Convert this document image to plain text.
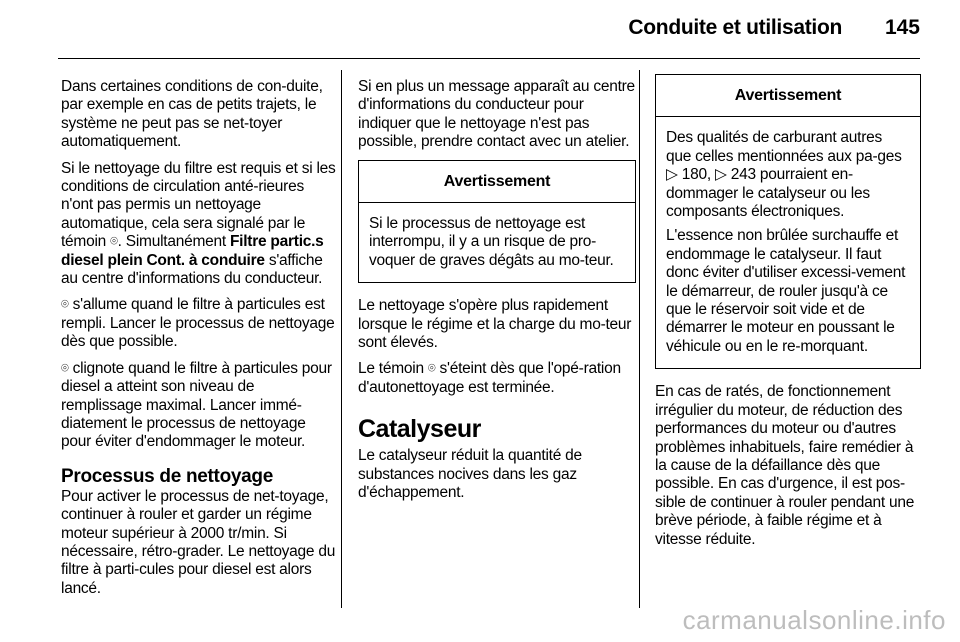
Conduite et utilisation	145

Dans certaines conditions de con-duite, par exemple en cas de petits trajets, le système ne peut pas se net-toyer automatiquement.

Si le nettoyage du filtre est requis et si les conditions de circulation anté-rieures n'ont pas permis un nettoyage automatique, cela sera signalé par le témoin ⌾. Simultanément Filtre partic.s diesel plein Cont. à conduire s'affiche au centre d'informations du conducteur.

⌾ s'allume quand le filtre à particules est rempli. Lancer le processus de nettoyage dès que possible.

⌾ clignote quand le filtre à particules pour diesel a atteint son niveau de remplissage maximal. Lancer immé-diatement le processus de nettoyage pour éviter d'endommager le moteur.

Processus de nettoyage

Pour activer le processus de net-toyage, continuer à rouler et garder un régime moteur supérieur à 2000 tr/min. Si nécessaire, rétro-grader. Le nettoyage du filtre à parti-cules pour diesel est alors lancé.

Si en plus un message apparaît au centre d'informations du conducteur pour indiquer que le nettoyage n'est pas possible, prendre contact avec un atelier.

Avertissement

Si le processus de nettoyage est interrompu, il y a un risque de pro-voquer de graves dégâts au mo-teur.

Le nettoyage s'opère plus rapidement lorsque le régime et la charge du mo-teur sont élevés.

Le témoin ⌾ s'éteint dès que l'opé-ration d'autonettoyage est terminée.

Catalyseur

Le catalyseur réduit la quantité de substances nocives dans les gaz d'échappement.

Avertissement

Des qualités de carburant autres que celles mentionnées aux pa-ges ▷ 180, ▷ 243 pourraient en-dommager le catalyseur ou les composants électroniques.

L'essence non brûlée surchauffe et endommage le catalyseur. Il faut donc éviter d'utiliser excessi-vement le démarreur, de rouler jusqu'à ce que le réservoir soit vide et de démarrer le moteur en poussant le véhicule ou en le re-morquant.

En cas de ratés, de fonctionnement irrégulier du moteur, de réduction des performances du moteur ou d'autres problèmes inhabituels, faire remédier à la cause de la défaillance dès que possible. En cas d'urgence, il est pos-sible de continuer à rouler pendant une brève période, à faible régime et à vitesse réduite.

carmanualsonline.info
